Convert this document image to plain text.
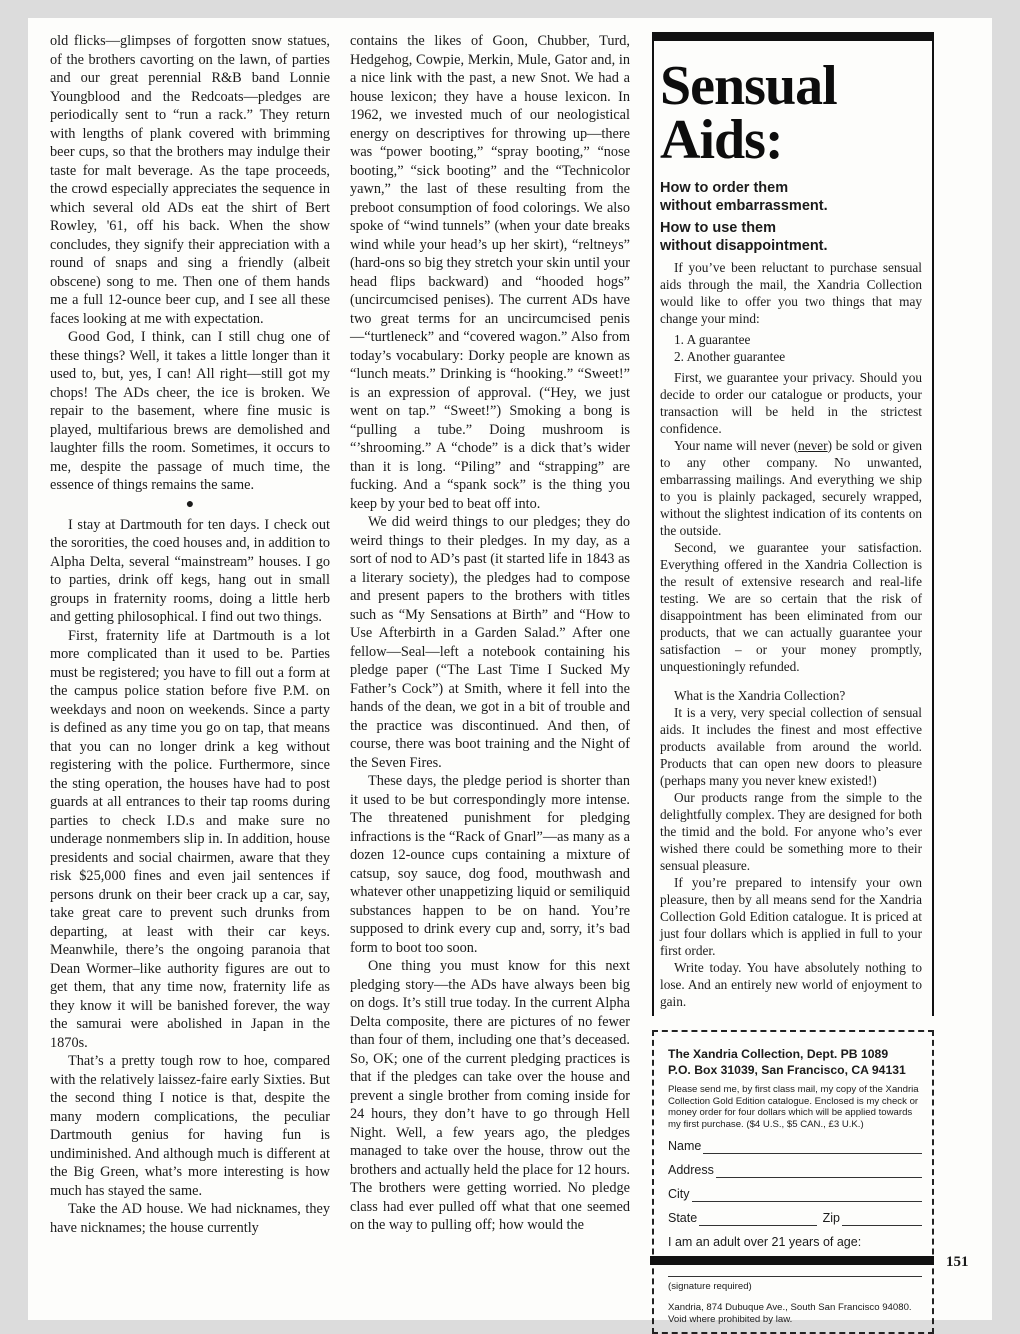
old flicks—glimpses of forgotten snow statues, of the brothers cavorting on the lawn, of parties and our great perennial R&B band Lonnie Youngblood and the Redcoats—pledges are periodically sent to “run a rack.” They return with lengths of plank covered with brimming beer cups, so that the brothers may indulge their taste for malt beverage. As the tape proceeds, the crowd especially appreciates the sequence in which several old ADs eat the shirt of Bert Rowley, '61, off his back. When the show concludes, they signify their appreciation with a round of snaps and sing a friendly (albeit obscene) song to me. Then one of them hands me a full 12-ounce beer cup, and I see all these faces looking at me with expectation.

Good God, I think, can I still chug one of these things? Well, it takes a little longer than it used to, but, yes, I can! All right—still got my chops! The ADs cheer, the ice is broken. We repair to the basement, where fine music is played, multifarious brews are demolished and laughter fills the room. Sometimes, it occurs to me, despite the passage of much time, the essence of things remains the same.

●

I stay at Dartmouth for ten days. I check out the sororities, the coed houses and, in addition to Alpha Delta, several “mainstream” houses. I go to parties, drink off kegs, hang out in small groups in fraternity rooms, doing a little herb and getting philosophical. I find out two things.

First, fraternity life at Dartmouth is a lot more complicated than it used to be. Parties must be registered; you have to fill out a form at the campus police station before five P.M. on weekdays and noon on weekends. Since a party is defined as any time you go on tap, that means that you can no longer drink a keg without registering with the police. Furthermore, since the sting operation, the houses have had to post guards at all entrances to their tap rooms during parties to check I.D.s and make sure no underage nonmembers slip in. In addition, house presidents and social chairmen, aware that they risk $25,000 fines and even jail sentences if persons drunk on their beer crack up a car, say, take great care to prevent such drunks from departing, at least with their car keys. Meanwhile, there’s the ongoing paranoia that Dean Wormer–like authority figures are out to get them, that any time now, fraternity life as they know it will be banished forever, the way the samurai were abolished in Japan in the 1870s.

That’s a pretty tough row to hoe, compared with the relatively laissez-faire early Sixties. But the second thing I notice is that, despite the many modern complications, the peculiar Dartmouth genius for having fun is undiminished. And although much is different at the Big Green, what’s more interesting is how much has stayed the same.

Take the AD house. We had nicknames, they have nicknames; the house currently

contains the likes of Goon, Chubber, Turd, Hedgehog, Cowpie, Merkin, Mule, Gator and, in a nice link with the past, a new Snot. We had a house lexicon; they have a house lexicon. In 1962, we invested much of our neologistical energy on descriptives for throwing up—there was “power booting,” “spray booting,” “nose booting,” “sick booting” and the “Technicolor yawn,” the last of these resulting from the preboot consumption of food colorings. We also spoke of “wind tunnels” (when your date breaks wind while your head’s up her skirt), “reltneys” (hard-ons so big they stretch your skin until your head flips backward) and “hooded hogs” (uncircumcised penises). The current ADs have two great terms for an uncircumcised penis—“turtleneck” and “covered wagon.” Also from today’s vocabulary: Dorky people are known as “lunch meats.” Drinking is “hooking.” “Sweet!” is an expression of approval. (“Hey, we just went on tap.” “Sweet!”) Smoking a bong is “pulling a tube.” Doing mushroom is “’shrooming.” A “chode” is a dick that’s wider than it is long. “Piling” and “strapping” are fucking. And a “spank sock” is the thing you keep by your bed to beat off into.

We did weird things to our pledges; they do weird things to their pledges. In my day, as a sort of nod to AD’s past (it started life in 1843 as a literary society), the pledges had to compose and present papers to the brothers with titles such as “My Sensations at Birth” and “How to Use Afterbirth in a Garden Salad.” After one fellow—Seal—left a notebook containing his pledge paper (“The Last Time I Sucked My Father’s Cock”) at Smith, where it fell into the hands of the dean, we got in a bit of trouble and the practice was discontinued. And then, of course, there was boot training and the Night of the Seven Fires.

These days, the pledge period is shorter than it used to be but correspondingly more intense. The threatened punishment for pledging infractions is the “Rack of Gnarl”—as many as a dozen 12-ounce cups containing a mixture of catsup, soy sauce, dog food, mouthwash and whatever other unappetizing liquid or semiliquid substances happen to be on hand. You’re supposed to drink every cup and, sorry, it’s bad form to boot too soon.

One thing you must know for this next pledging story—the ADs have always been big on dogs. It’s still true today. In the current Alpha Delta composite, there are pictures of no fewer than four of them, including one that’s deceased. So, OK; one of the current pledging practices is that if the pledges can take over the house and prevent a single brother from coming inside for 24 hours, they don’t have to go through Hell Night. Well, a few years ago, the pledges managed to take over the house, throw out the brothers and actually held the place for 12 hours. The brothers were getting worried. No pledge class had ever pulled off what that one seemed on the way to pulling off; how would the

Sensual
Aids:
How to order them
without embarrassment.
How to use them
without disappointment.

If you’ve been reluctant to purchase sensual aids through the mail, the Xandria Collection would like to offer you two things that may change your mind:

1. A guarantee
2. Another guarantee

First, we guarantee your privacy. Should you decide to order our catalogue or products, your transaction will be held in the strictest confidence.

Your name will never (never) be sold or given to any other company. No unwanted, embarrassing mailings. And everything we ship to you is plainly packaged, securely wrapped, without the slightest indication of its contents on the outside.

Second, we guarantee your satisfaction. Everything offered in the Xandria Collection is the result of extensive research and real-life testing. We are so certain that the risk of disappointment has been eliminated from our products, that we can actually guarantee your satisfaction – or your money promptly, unquestioningly refunded.

What is the Xandria Collection?

It is a very, very special collection of sensual aids. It includes the finest and most effective products available from around the world. Products that can open new doors to pleasure (perhaps many you never knew existed!)

Our products range from the simple to the delightfully complex. They are designed for both the timid and the bold. For anyone who’s ever wished there could be something more to their sensual pleasure.

If you’re prepared to intensify your own pleasure, then by all means send for the Xandria Collection Gold Edition catalogue. It is priced at just four dollars which is applied in full to your first order.

Write today. You have absolutely nothing to lose. And an entirely new world of enjoyment to gain.

The Xandria Collection, Dept. PB 1089
P.O. Box 31039, San Francisco, CA 94131
Please send me, by first class mail, my copy of the Xandria Collection Gold Edition catalogue. Enclosed is my check or money order for four dollars which will be applied towards my first purchase. ($4 U.S., $5 CAN., £3 U.K.)
Name
Address
City
State	Zip
I am an adult over 21 years of age:
(signature required)
Xandria, 874 Dubuque Ave., South San Francisco 94080.
Void where prohibited by law.
151
